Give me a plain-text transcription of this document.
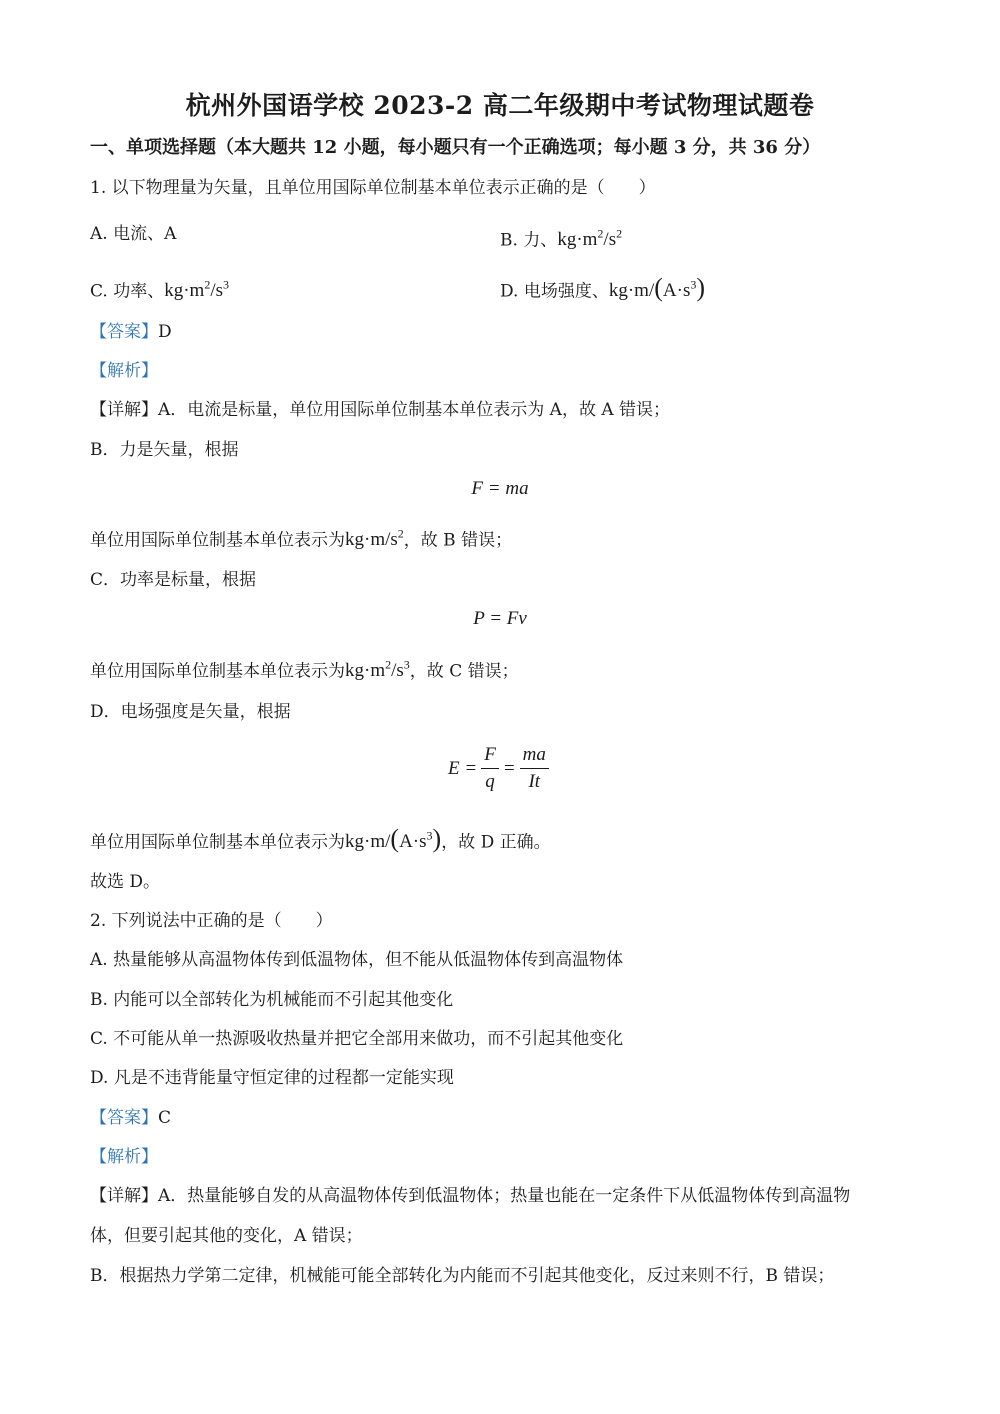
杭州外国语学校 2023-2 高二年级期中考试物理试题卷
一、单项选择题（本大题共 12 小题，每小题只有一个正确选项；每小题 3 分，共 36 分）
1. 以下物理量为矢量，且单位用国际单位制基本单位表示正确的是（　　）
A. 电流、A	B. 力、$kg\cdot m^2/s^2$
C. 功率、$kg\cdot m^2/s^3$	D. 电场强度、$kg\cdot m/(A\cdot s^3)$
【答案】D
【解析】
【详解】A．电流是标量，单位用国际单位制基本单位表示为 A，故 A 错误；
B．力是矢量，根据
F = ma
单位用国际单位制基本单位表示为$kg\cdot m/s^2$，故 B 错误；
C．功率是标量，根据
P = Fv
单位用国际单位制基本单位表示为$kg\cdot m^2/s^3$，故 C 错误；
D．电场强度是矢量，根据
$E = \frac{F}{q} = \frac{ma}{It}$
单位用国际单位制基本单位表示为$kg\cdot m/(A\cdot s^3)$，故 D 正确。
故选 D。
2. 下列说法中正确的是（　　）
A. 热量能够从高温物体传到低温物体，但不能从低温物体传到高温物体
B. 内能可以全部转化为机械能而不引起其他变化
C. 不可能从单一热源吸收热量并把它全部用来做功，而不引起其他变化
D. 凡是不违背能量守恒定律的过程都一定能实现
【答案】C
【解析】
【详解】A．热量能够自发的从高温物体传到低温物体；热量也能在一定条件下从低温物体传到高温物
体，但要引起其他的变化，A 错误；
B．根据热力学第二定律，机械能可能全部转化为内能而不引起其他变化，反过来则不行，B 错误；
